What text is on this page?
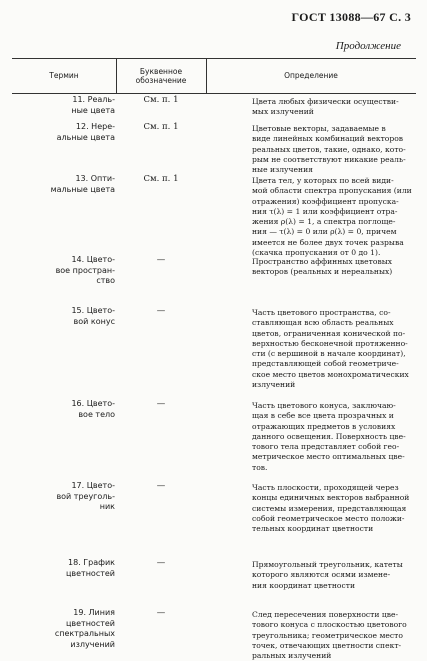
ГОСТ 13088—67 С. 3
Продолжение
Термин	Буквенное обозначение	Определение
11. Реаль-
ные цвета
См. п. 1	Цвета любых физически осуществи-
мых излучений
12. Нере-
альные цвета
См. п. 1	Цветовые векторы, задаваемые в
виде линейных комбинаций векторов
реальных цветов, такие, однако, кото-
рым не соответствуют никакие реаль-
ные излучения
13. Опти-
мальные цвета
См. п. 1	Цвета тел, у которых по всей види-
мой области спектра пропускания (или
отражения) коэффициент пропуска-
ния τ(λ) = 1 или коэффициент отра-
жения ρ(λ) = 1, а спектра поглоще-
ния — τ(λ) = 0 или ρ(λ) = 0, причем
имеется не более двух точек разрыва
(скачка пропускания от 0 до 1).
14. Цвето-
вое простран-
ство
—	Пространство аффинных цветовых
векторов (реальных и нереальных)
15. Цвето-
вой конус
—	Часть цветового пространства, со-
ставляющая всю область реальных
цветов, ограниченная конической по-
верхностью бесконечной протяженно-
сти (с вершиной в начале координат),
представляющей собой геометриче-
ское место цветов монохроматических
излучений
16. Цвето-
вое тело
—	Часть цветового конуса, заключаю-
щая в себе все цвета прозрачных и
отражающих предметов в условиях
данного освещения. Поверхность цве-
тового тела представляет собой гео-
метрическое место оптимальных цве-
тов.
17. Цвето-
вой треуголь-
ник
—	Часть плоскости, проходящей через
концы единичных векторов выбранной
системы измерения, представляющая
собой геометрическое место положи-
тельных координат цветности
18. График
цветностей
—	Прямоугольный треугольник, катеты
которого являются осями измене-
ния координат цветности
19. Линия
цветностей
спектральных
излучений
—	След пересечения поверхности цве-
тового конуса с плоскостью цветового
треугольника; геометрическое место
точек, отвечающих цветности спект-
ральных излучений
